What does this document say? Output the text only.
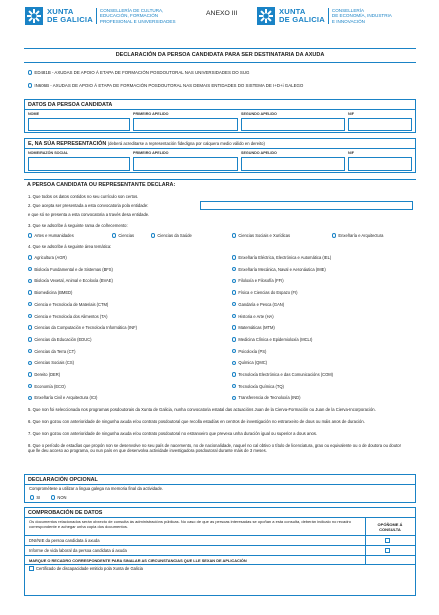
XUNTA
DE GALICIA
CONSELLERÍA DE CULTURA,
EDUCACIÓN, FORMACIÓN
PROFESIONAL E UNIVERSIDADES
ANEXO III	XUNTA
DE GALICIA
CONSELLERÍA
DE ECONOMÍA, INDUSTRIA
E INNOVACIÓN
DECLARACIÓN DA PERSOA CANDIDATA PARA SER DESTINATARIA DA AXUDA
ED481B - AXUDAS DE APOIO Á ETAPA DE FORMACIÓN POSDOUTORAL NAS UNIVERSIDADES DO SUG
IN606B - AXUDAS DE APOIO Á ETAPA DE FORMACIÓN POSDOUTORAL NAS DEMAIS ENTIDADES DO SISTEMA DE I+D+i GALEGO
DATOS DA PERSOA CANDIDATA
NOME	PRIMEIRO APELIDO	SEGUNDO APELIDO	NIF
E, NA SÚA REPRESENTACIÓN (deberá acreditarse a representación fidedigna por calquera medio válido en dereito)
NOME/RAZÓN SOCIAL	PRIMEIRO APELIDO	SEGUNDO APELIDO	NIF
A PERSOA CANDIDATA OU REPRESENTANTE DECLARA:
1. Que todos os datos contidos no seu currículo son certos.
2. Que acepta ser presentada a esta convocatoria pola entidade:
e que só se presenta a esta convocatoria a través desa entidade.
3. Que se adscribe á seguinte rama de coñecemento:
Artes e Humanidades	Ciencias	Ciencias da Saúde	Ciencias Sociais e Xurídicas	Enxeñaría e Arquitectura
4. Que se adscribe á seguinte área temática:
Agricultura (AGR)
Bioloxía Fundamental e de Sistemas (BFS)
Bioloxía Vexetal, Animal e Ecoloxía (BVAE)
Biomedicina (BMED)
Ciencia e Tecnoloxía de Materiais (CTM)
Ciencia e Tecnoloxía dos Alimentos (TA)
Ciencias da Computación e Tecnoloxía Informática (INF)
Ciencias da Educación (EDUC)
Ciencias da Terra (CT)
Ciencias Sociais (CS)
Dereito (DER)
Economía (ECO)
Enxeñaría Civil e Arquitectura (ICI)
Enxeñaría Eléctrica, Electrónica e Automática (IEL)
Enxeñaría Mecánica, Naval e Aeronáutica (IME)
Filoloxía e Filosofía (FFI)
Física e Ciencias do Espazo (FI)
Gandaría e Pesca (GAN)
Historia e Arte (HA)
Matemáticas (MTM)
Medicina Clínica e Epidemioloxía (MCLI)
Psicoloxía (PS)
Química (QMC)
Tecnoloxía Electrónica e das Comunicacións (COM)
Tecnoloxía Química (TQ)
Transferencia de Tecnoloxía (IND)
5. Que non foi seleccionada nos programas posdoutorais da Xunta de Galicia, nunha convocatoria estatal das actuacións Juan de la Cierva-Formación ou Juan de la Cierva-Incorporación.
6. Que non gozou con anterioridade de ningunha axuda e/ou contrato posdoutoral que recolla estadías en centros de investigación no estranxeiro de dous ou máis anos de duración.
7. Que non gozou con anterioridade de ningunha axuda e/ou contrato posdoutoral no estranxeiro que prevexa unha duración igual ou superior a dous anos.
8. Que o período de estadías que propón non se desenvolve no seu país de nacemento, no de nacionalidade, naquel no cal obtivo o título de licenciatura, grao ou equivalente ou o de doutora ou doutor que lle deu acceso ao programa, ou nun país en que desenvolva actividade investigadora posdoutoral durante máis de 3 meses.
DECLARACIÓN OPCIONAL
Comprométese a utilizar a lingua galega na memoria final da actividade.
SI	NON
COMPROBACIÓN DE DATOS
Os documentos relacionados serán obxecto de consulta ás administracións públicas. No caso de que as persoas interesadas se opoñan a esta consulta, deberán indicalo no recadro correspondente e achegar unha copia dos documentos.	OPÓÑOME Á CONSULTA
DNI/NIE da persoa candidata á axuda
Informe de vida laboral da persoa candidata á axuda
MARQUE O RECADRO CORRESPONDENTE PARA SINALAR AS CIRCUNSTANCIAS QUE LLE SEXAN DE APLICACIÓN
Certificado de discapacidade emitido pola Xunta de Galicia
